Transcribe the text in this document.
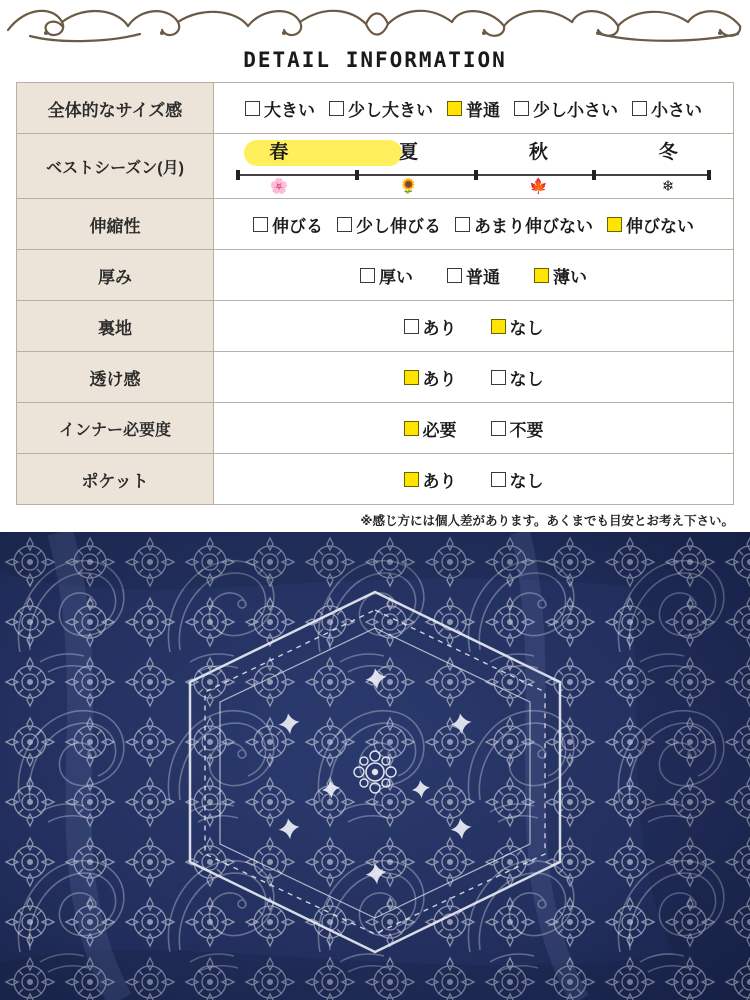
DETAIL INFORMATION
全体的なサイズ感	大きい 少し大きい 普通 少し小さい 小さい

ベストシーズン(月)	
春	夏	秋	冬
🌸	🌻	🍁	❄

伸縮性	伸びる 少し伸びる あまり伸びない 伸びない

厚み	厚い 普通 薄い

裏地	あり なし

透け感	あり なし

インナー必要度	必要 不要

ポケット	あり なし
※感じ方には個人差があります。あくまでも目安とお考え下さい。
